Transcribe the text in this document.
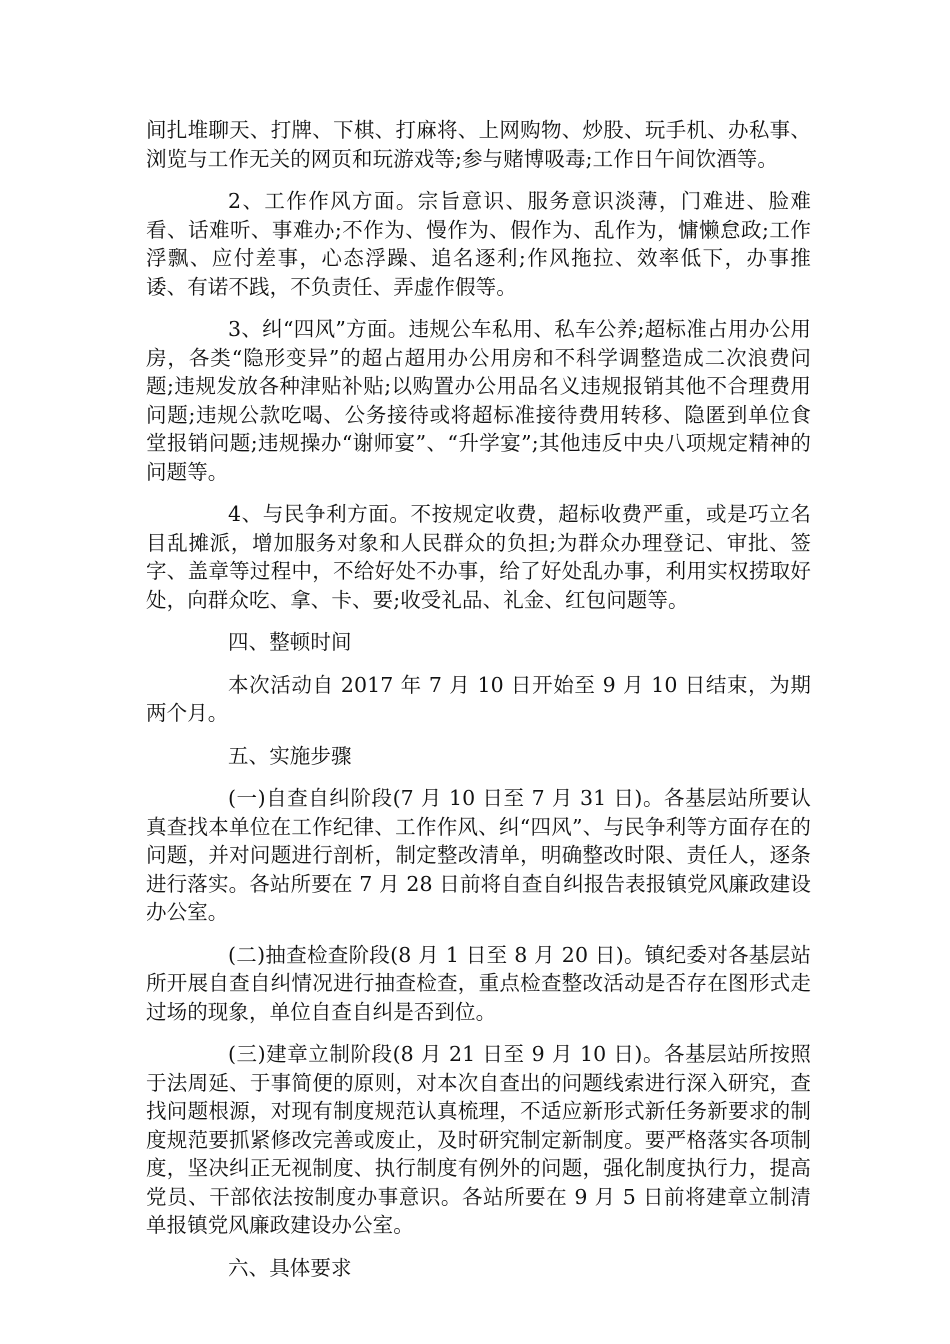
间扎堆聊天、打牌、下棋、打麻将、上网购物、炒股、玩手机、办私事、浏览与工作无关的网页和玩游戏等;参与赌博吸毒;工作日午间饮酒等。

2、工作作风方面。宗旨意识、服务意识淡薄，门难进、脸难看、话难听、事难办;不作为、慢作为、假作为、乱作为，慵懒怠政;工作浮飘、应付差事，心态浮躁、追名逐利;作风拖拉、效率低下，办事推诿、有诺不践，不负责任、弄虚作假等。

3、纠“四风”方面。违规公车私用、私车公养;超标准占用办公用房，各类“隐形变异”的超占超用办公用房和不科学调整造成二次浪费问题;违规发放各种津贴补贴;以购置办公用品名义违规报销其他不合理费用问题;违规公款吃喝、公务接待或将超标准接待费用转移、隐匿到单位食堂报销问题;违规操办“谢师宴”、“升学宴”;其他违反中央八项规定精神的问题等。

4、与民争利方面。不按规定收费，超标收费严重，或是巧立名目乱摊派，增加服务对象和人民群众的负担;为群众办理登记、审批、签字、盖章等过程中，不给好处不办事，给了好处乱办事，利用实权捞取好处，向群众吃、拿、卡、要;收受礼品、礼金、红包问题等。

四、整顿时间

本次活动自 2017 年 7 月 10 日开始至 9 月 10 日结束，为期两个月。

五、实施步骤

(一)自查自纠阶段(7 月 10 日至 7 月 31 日)。各基层站所要认真查找本单位在工作纪律、工作作风、纠“四风”、与民争利等方面存在的问题，并对问题进行剖析，制定整改清单，明确整改时限、责任人，逐条进行落实。各站所要在 7 月 28 日前将自查自纠报告表报镇党风廉政建设办公室。

(二)抽查检查阶段(8 月 1 日至 8 月 20 日)。镇纪委对各基层站所开展自查自纠情况进行抽查检查，重点检查整改活动是否存在图形式走过场的现象，单位自查自纠是否到位。

(三)建章立制阶段(8 月 21 日至 9 月 10 日)。各基层站所按照于法周延、于事简便的原则，对本次自查出的问题线索进行深入研究，查找问题根源，对现有制度规范认真梳理，不适应新形式新任务新要求的制度规范要抓紧修改完善或废止，及时研究制定新制度。要严格落实各项制度，坚决纠正无视制度、执行制度有例外的问题，强化制度执行力，提高党员、干部依法按制度办事意识。各站所要在 9 月 5 日前将建章立制清单报镇党风廉政建设办公室。

六、具体要求
